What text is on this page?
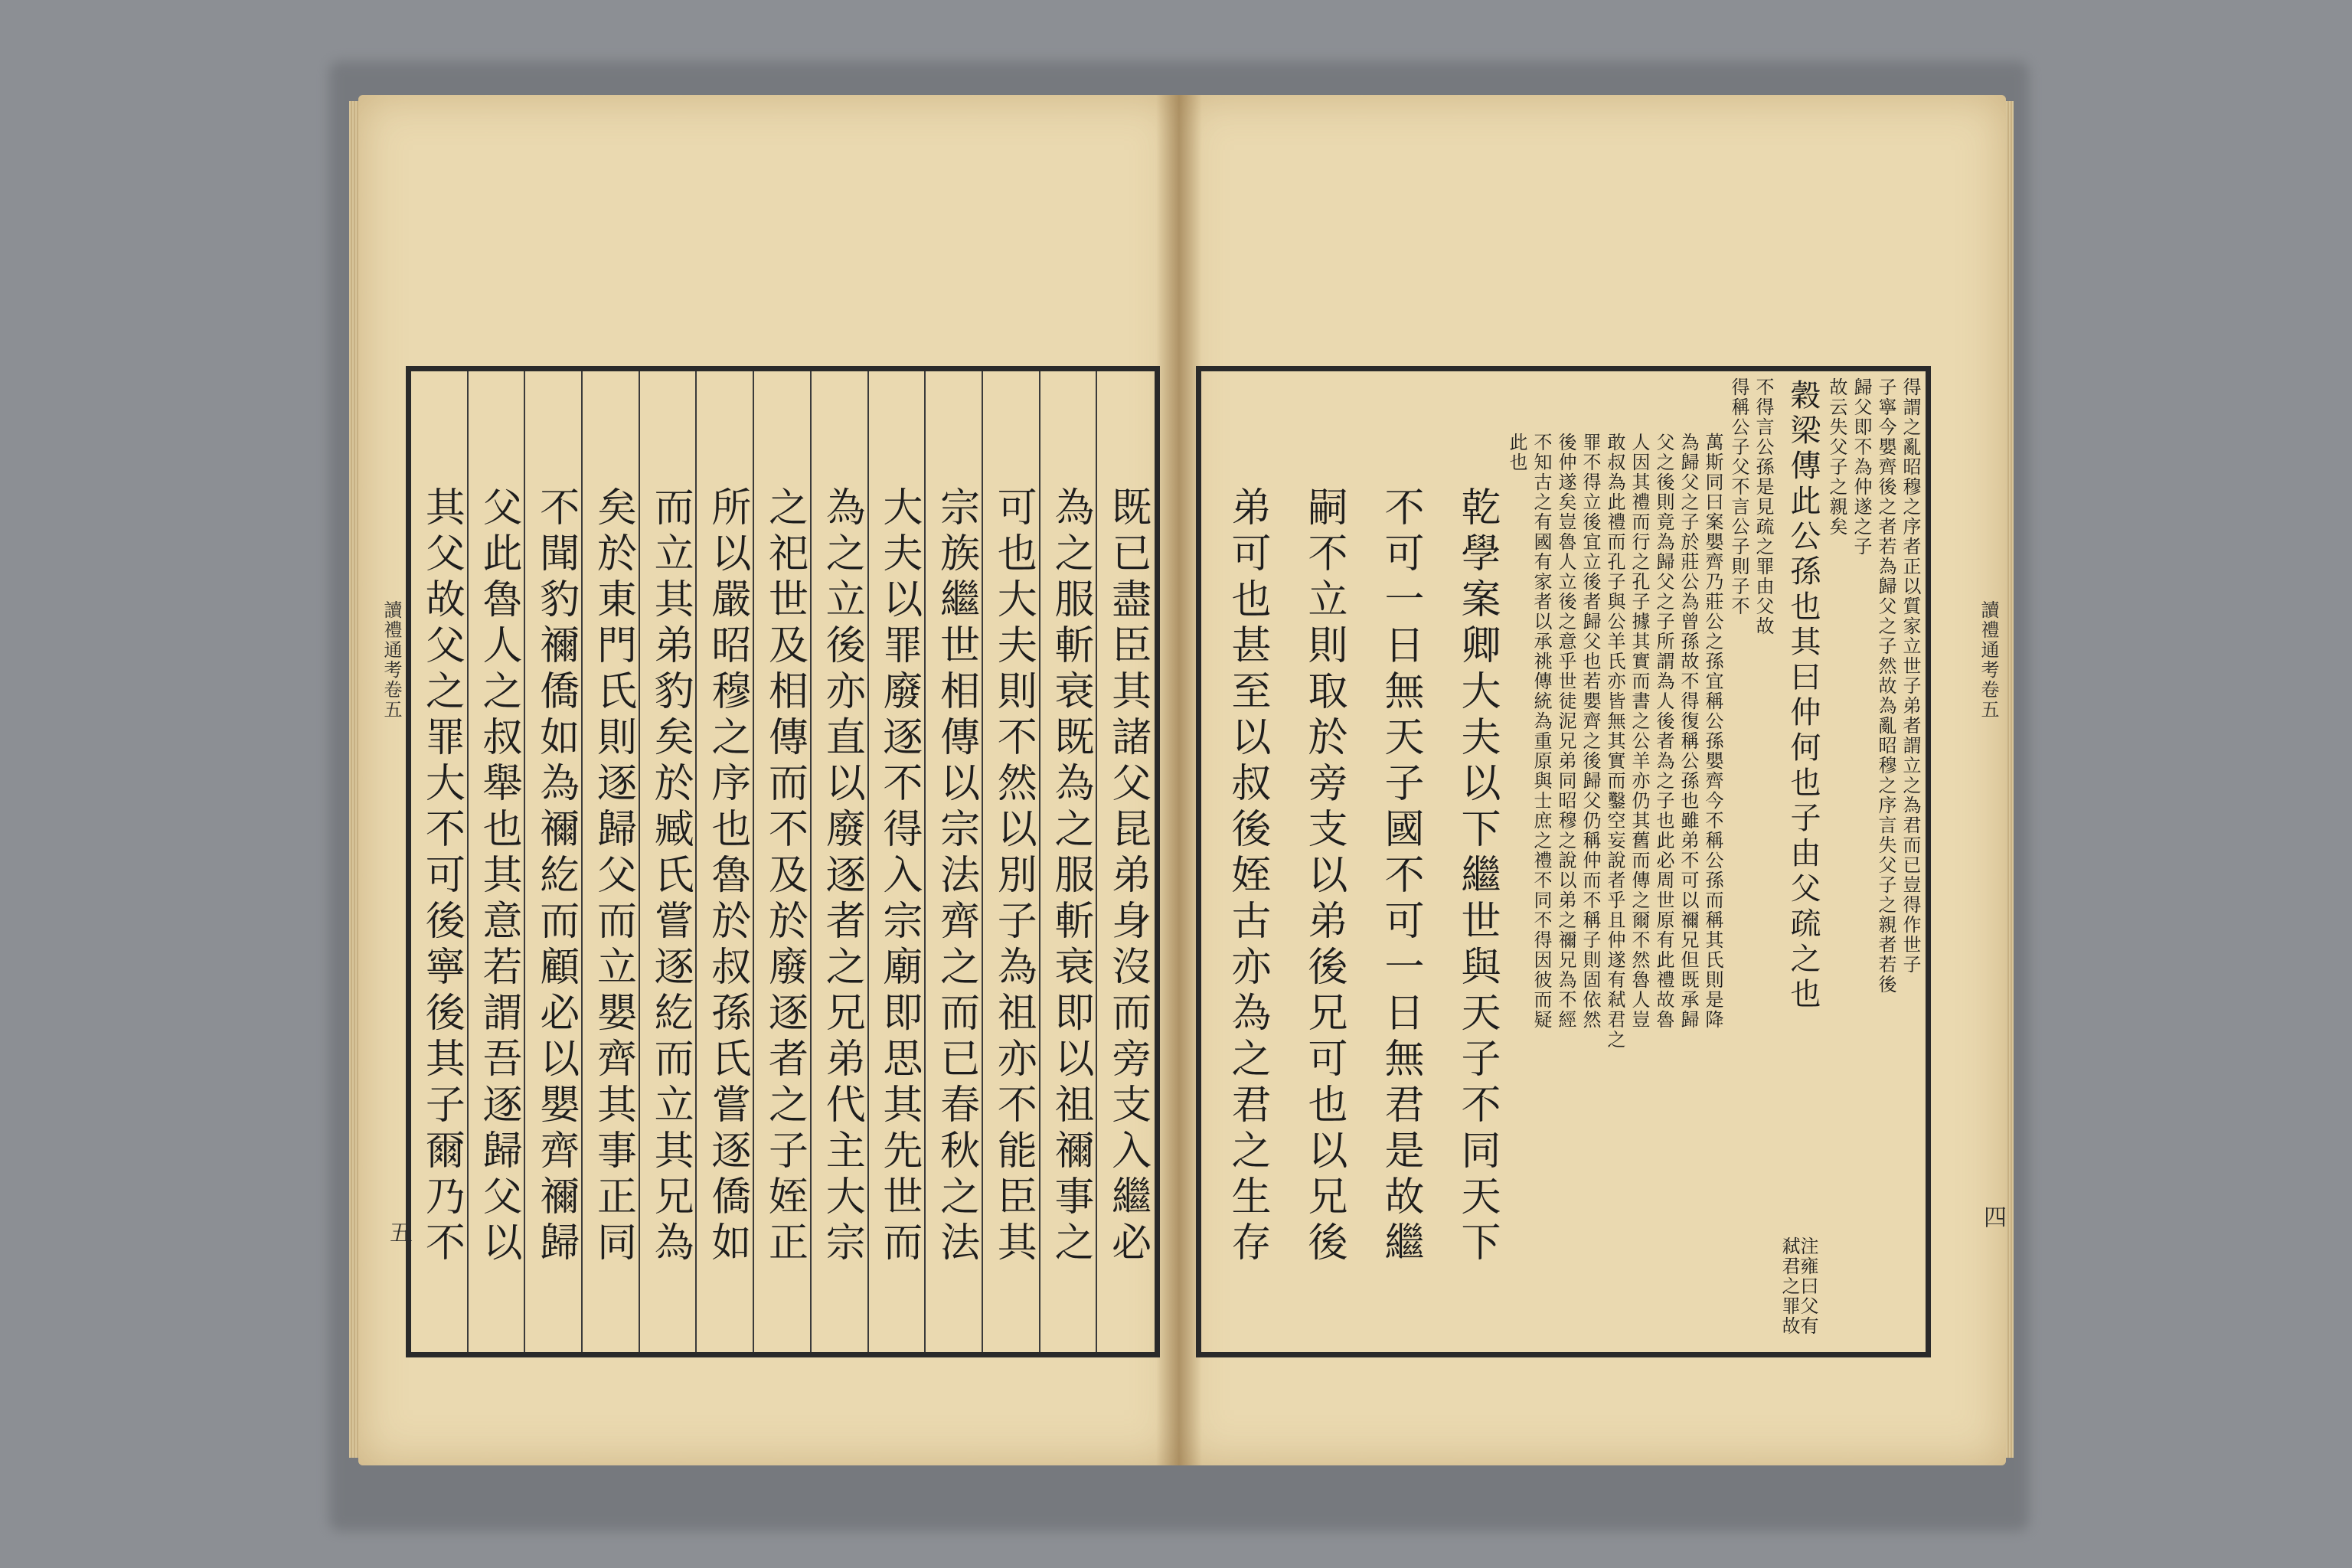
讀禮通考卷五
五
讀禮通考卷五
四
既已盡臣其諸父昆弟身沒而旁支入繼必
為之服斬衰既為之服斬衰即以祖禰事之
可也大夫則不然以別子為祖亦不能臣其
宗族繼世相傳以宗法齊之而已春秋之法
大夫以罪廢逐不得入宗廟即思其先世而
為之立後亦直以廢逐者之兄弟代主大宗
之祀世及相傳而不及於廢逐者之子姪正
所以嚴昭穆之序也魯於叔孫氏嘗逐僑如
而立其弟豹矣於臧氏嘗逐紇而立其兄為
矣於東門氏則逐歸父而立嬰齊其事正同
不聞豹禰僑如為禰紇而顧必以嬰齊禰歸
父此魯人之叔舉也其意若謂吾逐歸父以
其父故父之罪大不可後寧後其子爾乃不	得謂之亂昭穆之序者正以質家立世子弟者謂立之為君而已豈得作世子
子寧今嬰齊後之者若為歸父之子然故為亂昭穆之序言失父子之親者若後
歸父即不為仲遂之子
故云失父子之親矣
穀梁傳此公孫也其曰仲何也子由父疏之也
注雍曰父有弒君之罪故
不得言公孫是見疏之罪由父故
得稱公子父不言公子則子不
萬斯同曰案嬰齊乃莊公之孫宜稱公孫嬰齊今不稱公孫而稱其氏則是降
為歸父之子於莊公為曾孫故不得復稱公孫也雖弟不可以禰兄但既承歸
父之後則竟為歸父之子所謂為人後者為之子也此必周世原有此禮故魯
人因其禮而行之孔子據其實而書之公羊亦仍其舊而傳之爾不然魯人豈
敢叔為此禮而孔子與公羊氏亦皆無其實而鑿空妄說者乎且仲遂有弒君之
罪不得立後宜立後者歸父也若嬰齊之後歸父仍稱仲而不稱子則固依然
後仲遂矣豈魯人立後之意乎世徒泥兄弟同昭穆之說以弟之禰兄為不經
不知古之有國有家者以承祧傳統為重原與士庶之禮不同不得因彼而疑
此也
乾學案卿大夫以下繼世與天子不同天下
不可一日無天子國不可一日無君是故繼
嗣不立則取於旁支以弟後兄可也以兄後
弟可也甚至以叔後姪古亦為之君之生存
